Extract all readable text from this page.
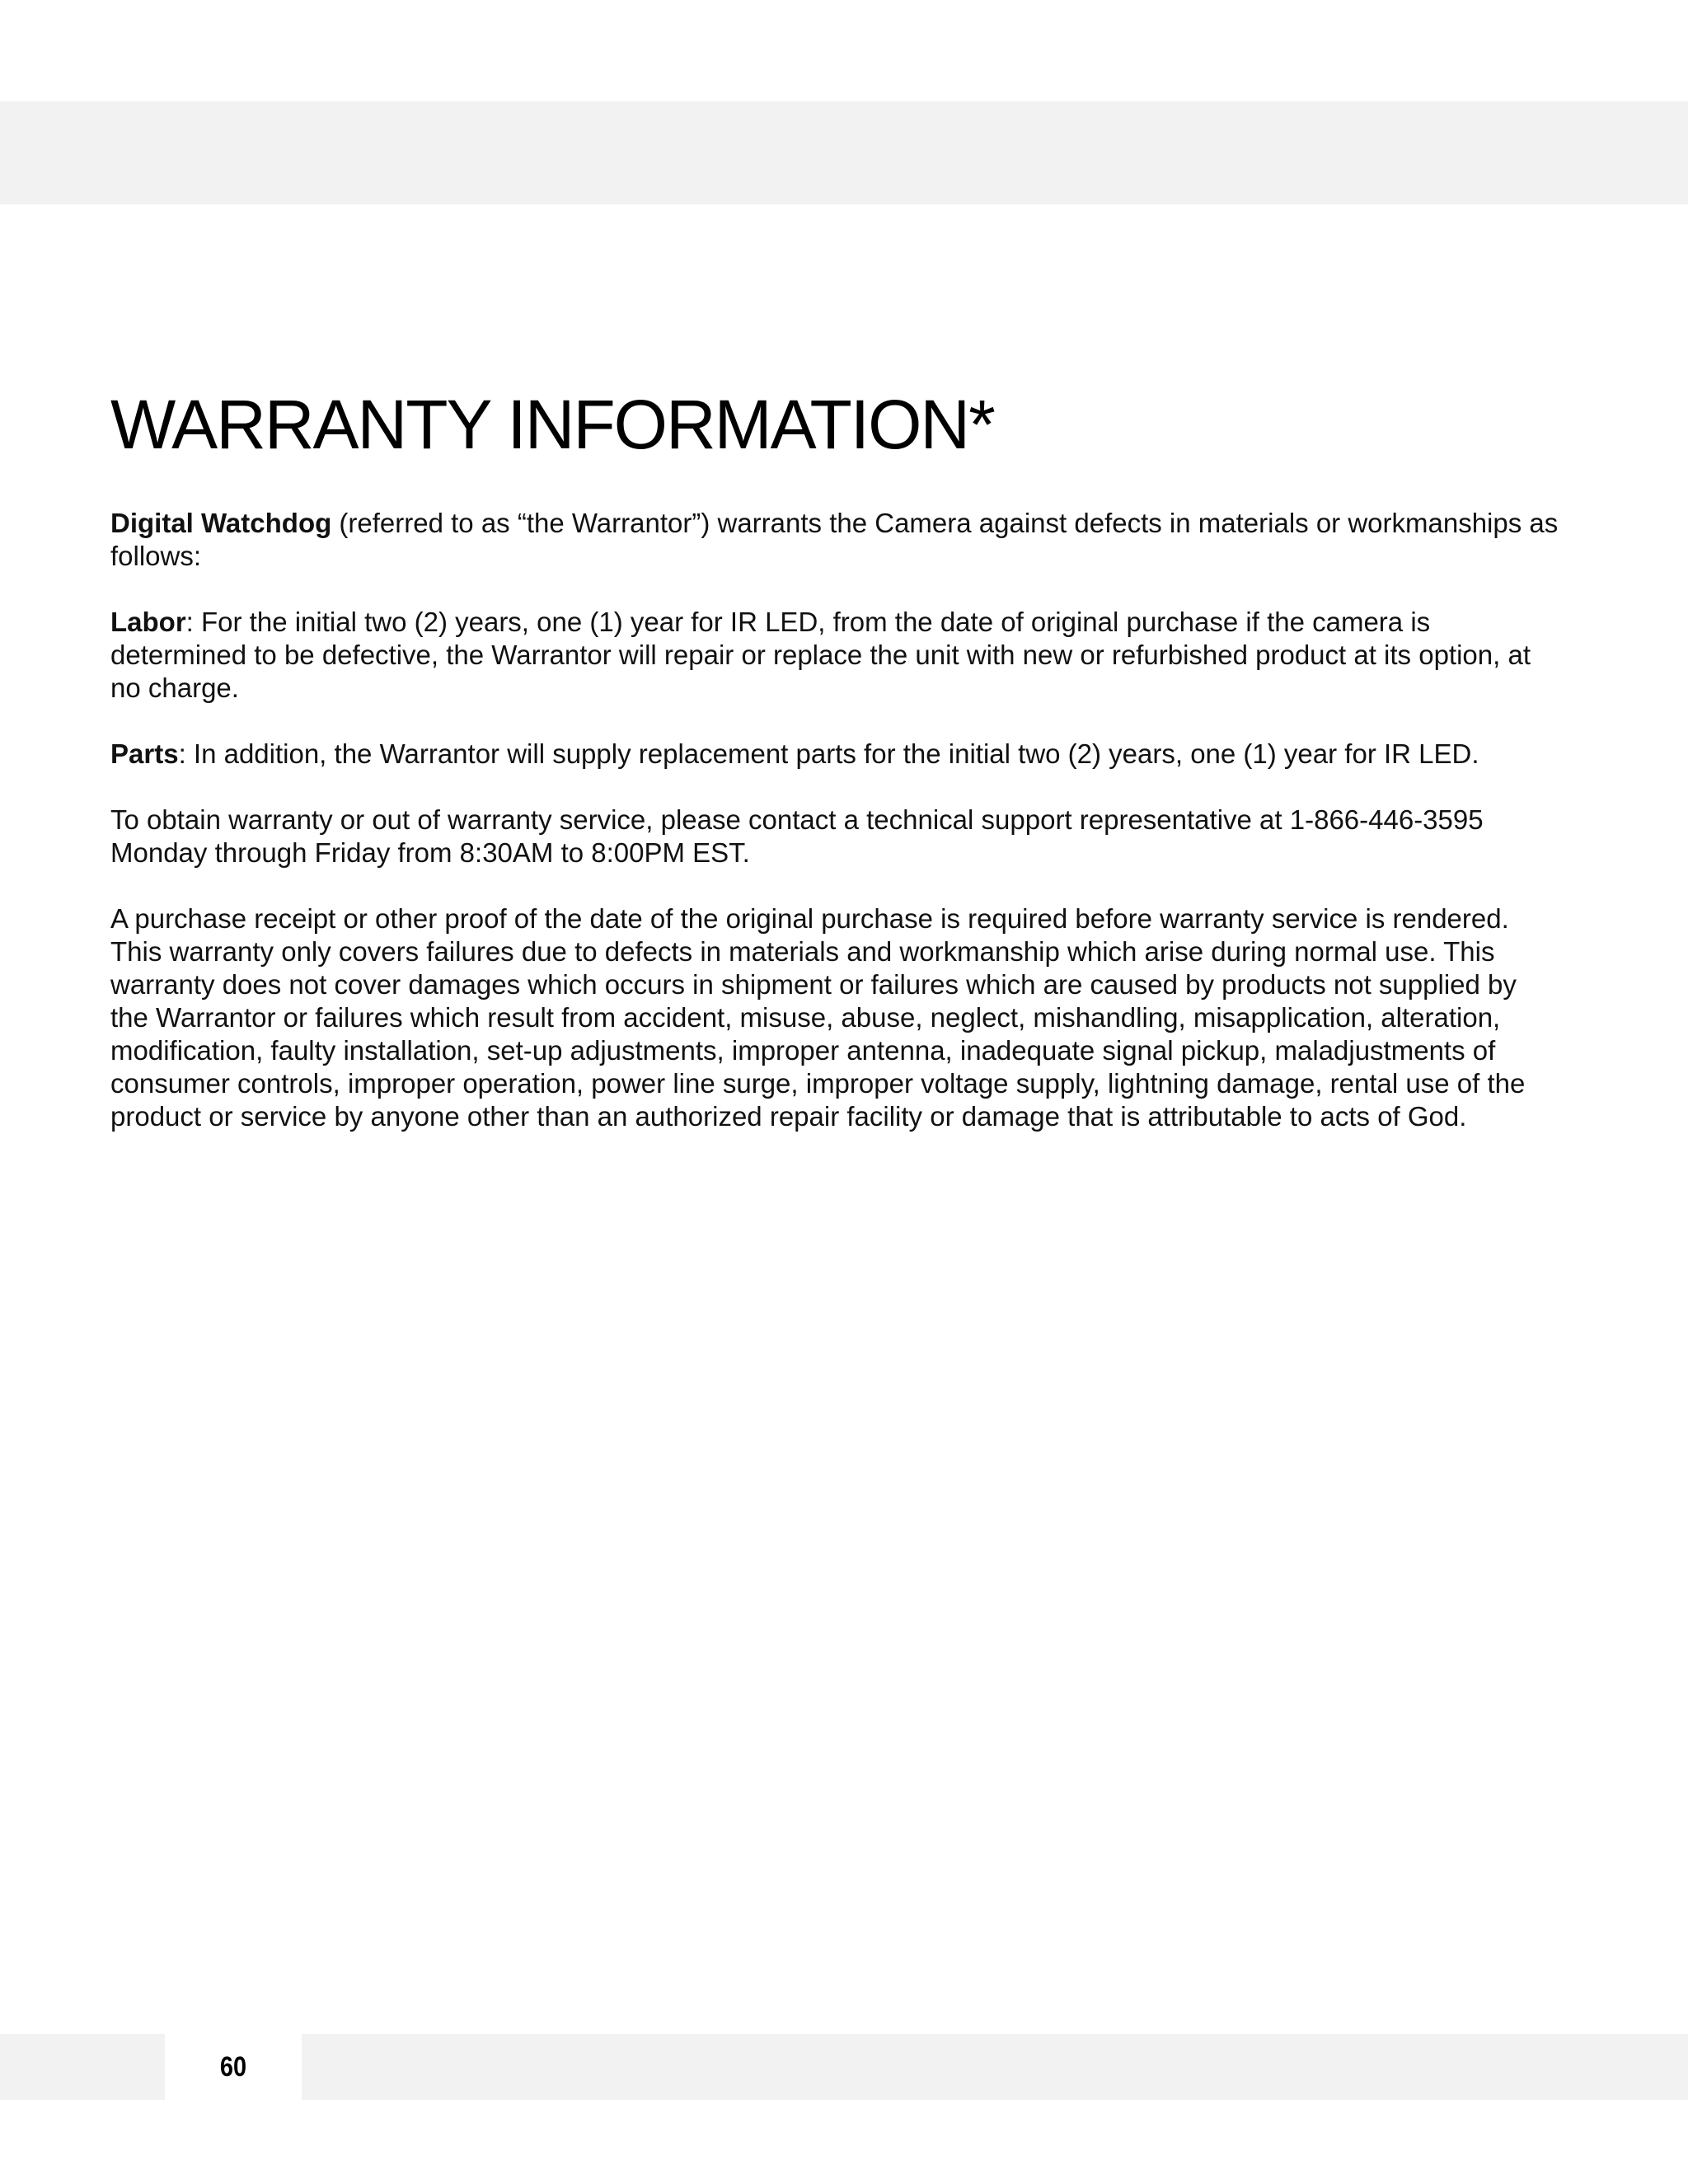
WARRANTY INFORMATION*

Digital Watchdog (referred to as “the Warrantor”) warrants the Camera against defects in materials or workmanships as follows:

Labor: For the initial two (2) years, one (1) year for IR LED, from the date of original purchase if the camera is determined to be defective, the Warrantor will repair or replace the unit with new or refurbished product at its option, at no charge.

Parts: In addition, the Warrantor will supply replacement parts for the initial two (2) years, one (1) year for IR LED.

To obtain warranty or out of warranty service, please contact a technical support representative at 1-866-446-3595 Monday through Friday from 8:30AM to 8:00PM EST.

A purchase receipt or other proof of the date of the original purchase is required before warranty service is rendered. This warranty only covers failures due to defects in materials and workmanship which arise during normal use. This warranty does not cover damages which occurs in shipment or failures which are caused by products not supplied by the Warrantor or failures which result from accident, misuse, abuse, neglect, mishandling, misapplication, alteration, modification, faulty installation, set-up adjustments, improper antenna, inadequate signal pickup, maladjustments of consumer controls, improper operation, power line surge, improper voltage supply, lightning damage, rental use of the product or service by anyone other than an authorized repair facility or damage that is attributable to acts of God.

60
